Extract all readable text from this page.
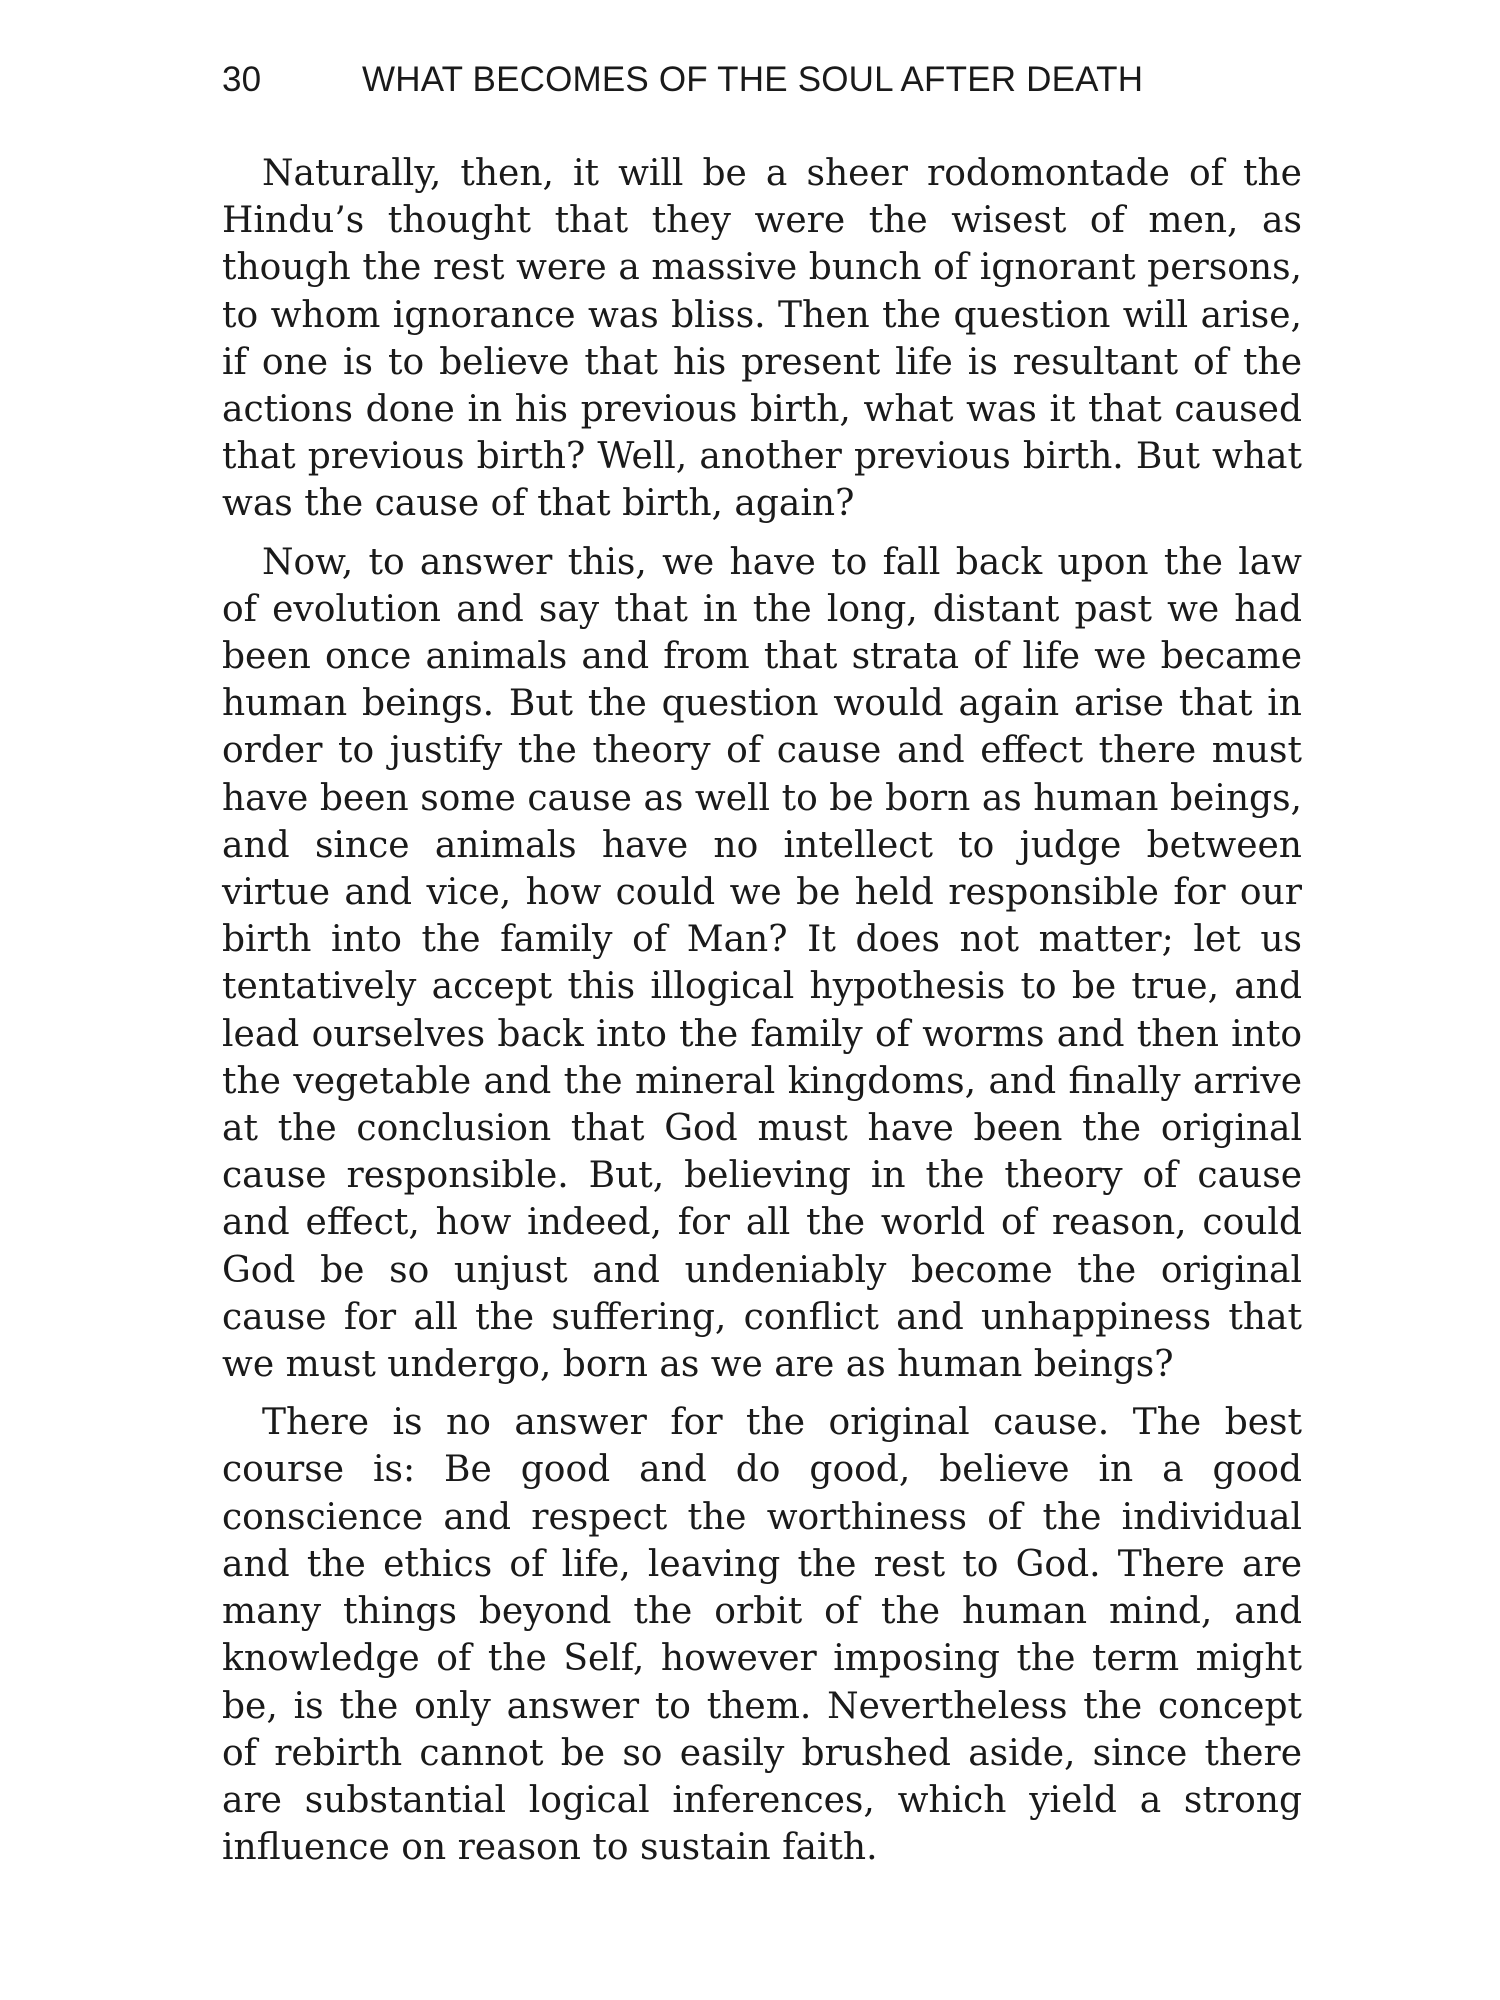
30	WHAT BECOMES OF THE SOUL AFTER DEATH

Naturally, then, it will be a sheer rodomontade of the Hindu’s thought that they were the wisest of men, as though the rest were a massive bunch of ignorant persons, to whom ignorance was bliss. Then the question will arise, if one is to believe that his present life is resultant of the actions done in his previous birth, what was it that caused that previous birth? Well, another previous birth. But what was the cause of that birth, again?

Now, to answer this, we have to fall back upon the law of evolution and say that in the long, distant past we had been once animals and from that strata of life we became human beings. But the question would again arise that in order to justify the theory of cause and effect there must have been some cause as well to be born as human beings, and since animals have no intellect to judge between virtue and vice, how could we be held responsible for our birth into the family of Man? It does not matter; let us tentatively accept this illogical hypothesis to be true, and lead ourselves back into the family of worms and then into the vegetable and the mineral kingdoms, and finally arrive at the conclusion that God must have been the original cause responsible. But, believing in the theory of cause and effect, how indeed, for all the world of reason, could God be so unjust and undeniably become the original cause for all the suffering, conflict and unhappiness that we must undergo, born as we are as human beings?

There is no answer for the original cause. The best course is: Be good and do good, believe in a good conscience and respect the worthiness of the individual and the ethics of life, leaving the rest to God. There are many things beyond the orbit of the human mind, and knowledge of the Self, however imposing the term might be, is the only answer to them. Nevertheless the concept of rebirth cannot be so easily brushed aside, since there are substantial logical inferences, which yield a strong influence on reason to sustain faith.
